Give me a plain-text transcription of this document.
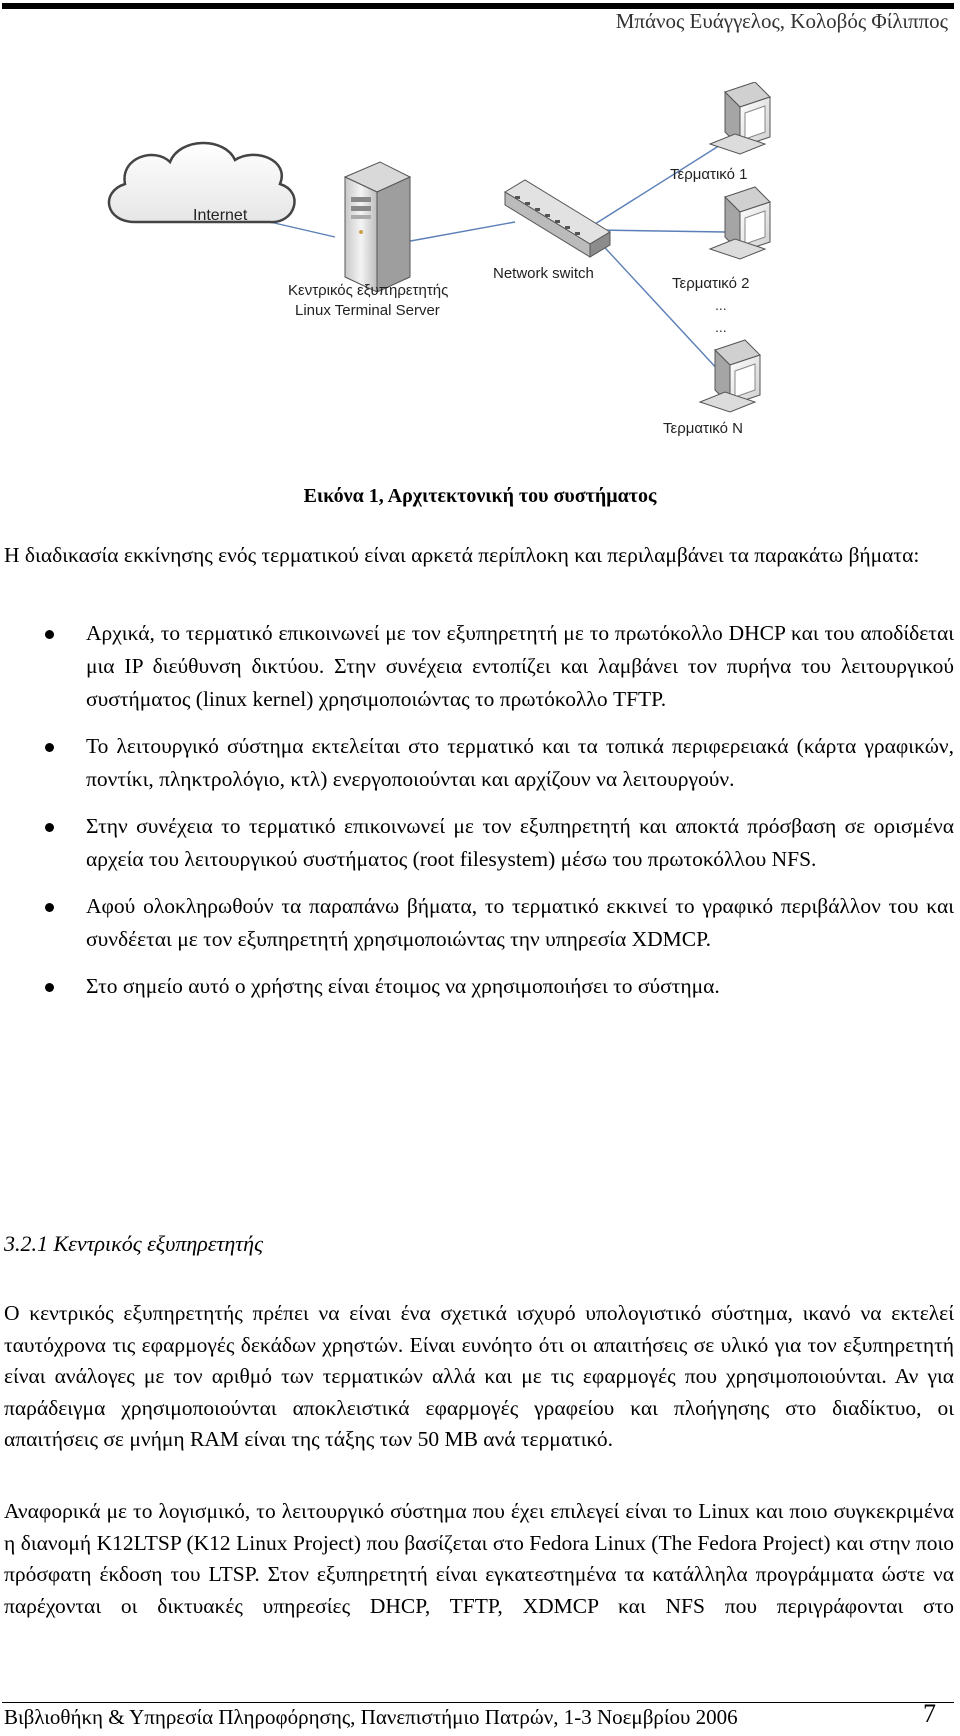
Μπάνος Ευάγγελος, Κολοβός Φίλιππος
Internet
Κεντρικός εξυπηρετητής
Linux Terminal Server
Network switch
Τερματικό 1
Τερματικό 2
...
...
Τερματικό N
Εικόνα 1, Αρχιτεκτονική του συστήματος

Η διαδικασία εκκίνησης ενός τερματικού είναι αρκετά περίπλοκη και περιλαμβάνει τα παρακάτω βήματα:

Αρχικά, το τερματικό επικοινωνεί με τον εξυπηρετητή με το πρωτόκολλο DHCP και του αποδίδεται μια IP διεύθυνση δικτύου. Στην συνέχεια εντοπίζει και λαμβάνει τον πυρήνα του λειτουργικού συστήματος (linux kernel) χρησιμοποιώντας το πρωτόκολλο TFTP.
Το λειτουργικό σύστημα εκτελείται στο τερματικό και τα τοπικά περιφερειακά (κάρτα γραφικών, ποντίκι, πληκτρολόγιο, κτλ) ενεργοποιούνται και αρχίζουν να λειτουργούν.
Στην συνέχεια το τερματικό επικοινωνεί με τον εξυπηρετητή και αποκτά πρόσβαση σε ορισμένα αρχεία του λειτουργικού συστήματος (root filesystem) μέσω του πρωτοκόλλου NFS.
Αφού ολοκληρωθούν τα παραπάνω βήματα, το τερματικό εκκινεί το γραφικό περιβάλλον του και συνδέεται με τον εξυπηρετητή χρησιμοποιώντας την υπηρεσία XDMCP.
Στο σημείο αυτό ο χρήστης είναι έτοιμος να χρησιμοποιήσει το σύστημα.
3.2.1 Κεντρικός εξυπηρετητής

Ο κεντρικός εξυπηρετητής πρέπει να είναι ένα σχετικά ισχυρό υπολογιστικό σύστημα, ικανό να εκτελεί ταυτόχρονα τις εφαρμογές δεκάδων χρηστών. Είναι ευνόητο ότι οι απαιτήσεις σε υλικό για τον εξυπηρετητή είναι ανάλογες με τον αριθμό των τερματικών αλλά και με τις εφαρμογές που χρησιμοποιούνται. Αν για παράδειγμα χρησιμοποιούνται αποκλειστικά εφαρμογές γραφείου και πλοήγησης στο διαδίκτυο, οι απαιτήσεις σε μνήμη RAM είναι της τάξης των 50 MB ανά τερματικό.

Αναφορικά με το λογισμικό, το λειτουργικό σύστημα που έχει επιλεγεί είναι το Linux και ποιο συγκεκριμένα η διανομή K12LTSP (K12 Linux Project) που βασίζεται στο Fedora Linux (The Fedora Project) και στην ποιο πρόσφατη έκδοση του LTSP. Στον εξυπηρετητή είναι εγκατεστημένα τα κατάλληλα προγράμματα ώστε να παρέχονται οι δικτυακές υπηρεσίες DHCP, TFTP, XDMCP και NFS που περιγράφονται στο

Βιβλιοθήκη & Υπηρεσία Πληροφόρησης, Πανεπιστήμιο Πατρών, 1-3 Νοεμβρίου 2006	7
